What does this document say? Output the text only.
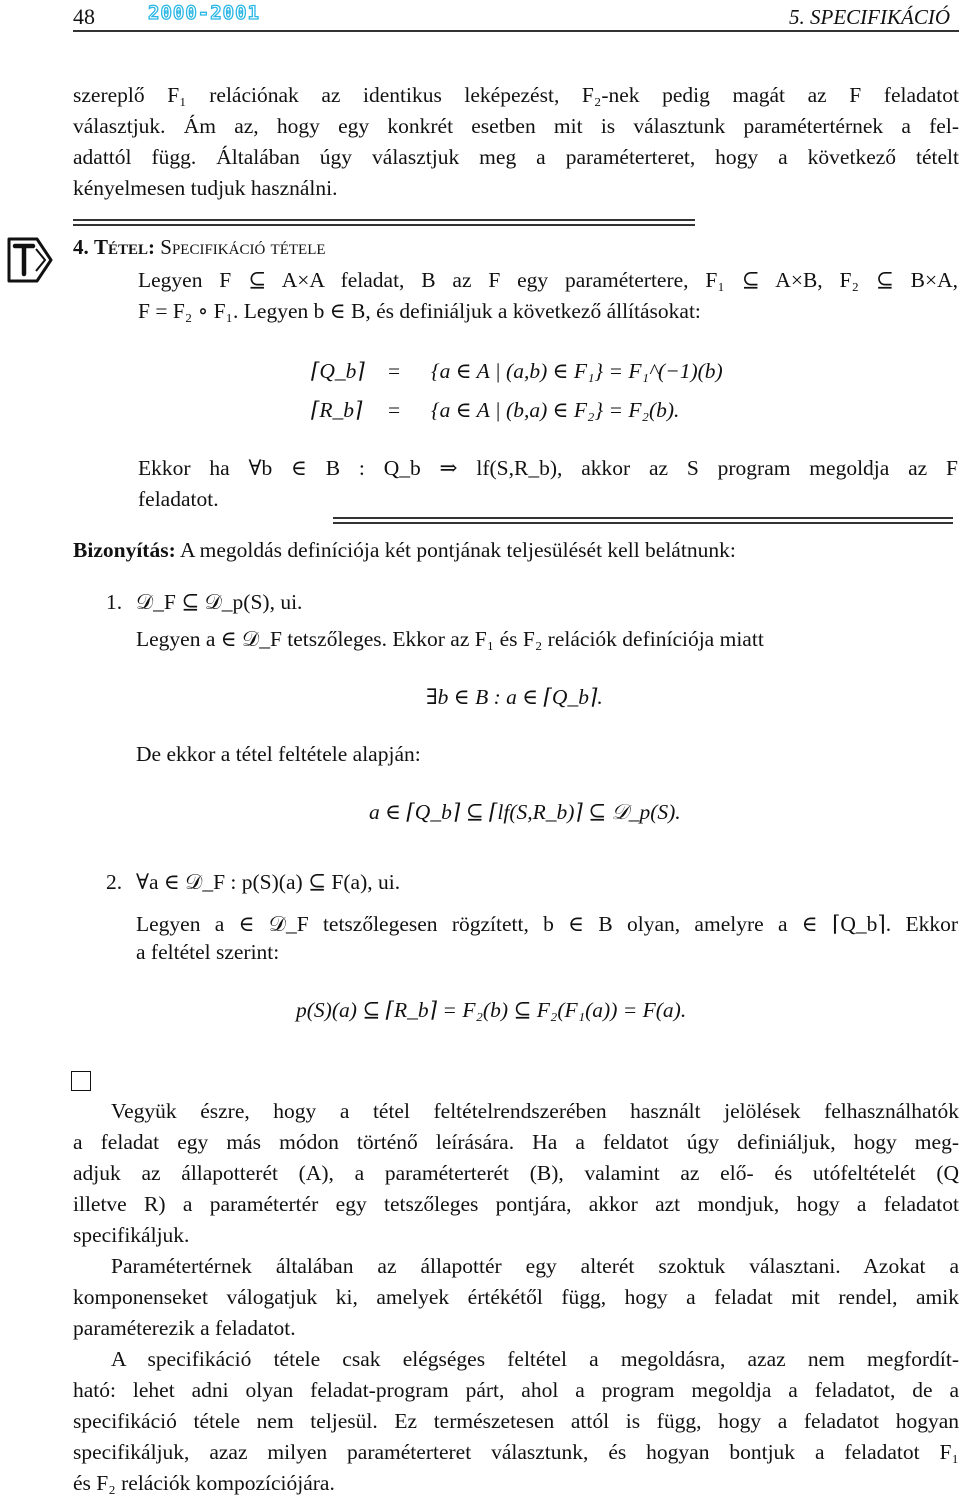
48	2000-2001	5. SPECIFIKÁCIÓ
szereplő F₁ relációnak az identikus leképezést, F₂-nek pedig magát az F feladatot
választjuk. Ám az, hogy egy konkrét esetben mit is választunk paramétertérnek a fel-
adattól függ. Általában úgy választjuk meg a paraméterteret, hogy a következő tételt
kényelmesen tudjuk használni.
4. Tétel: Specifikáció tétele
Legyen F ⊆ A×A feladat, B az F egy paramétertere, F₁ ⊆ A×B, F₂ ⊆ B×A,
F = F₂ ∘ F₁. Legyen b ∈ B, és definiáljuk a következő állításokat:
⌈Q_b⌉ = {a ∈ A | (a,b) ∈ F₁} = F₁^(−1)(b)
⌈R_b⌉ = {a ∈ A | (b,a) ∈ F₂} = F₂(b).
Ekkor ha ∀b ∈ B : Q_b ⇒ lf(S,R_b), akkor az S program megoldja az F
feladatot.
Bizonyítás: A megoldás definíciója két pontjának teljesülését kell belátnunk:
1. 𝒟_F ⊆ 𝒟_p(S), ui.
Legyen a ∈ 𝒟_F tetszőleges. Ekkor az F₁ és F₂ relációk definíciója miatt
∃b ∈ B : a ∈ ⌈Q_b⌉.
De ekkor a tétel feltétele alapján:
a ∈ ⌈Q_b⌉ ⊆ ⌈lf(S,R_b)⌉ ⊆ 𝒟_p(S).
2. ∀a ∈ 𝒟_F : p(S)(a) ⊆ F(a), ui.
Legyen a ∈ 𝒟_F tetszőlegesen rögzített, b ∈ B olyan, amelyre a ∈ ⌈Q_b⌉. Ekkor
a feltétel szerint:
p(S)(a) ⊆ ⌈R_b⌉ = F₂(b) ⊆ F₂(F₁(a)) = F(a).
Vegyük észre, hogy a tétel feltételrendszerében használt jelölések felhasználhatók
a feladat egy más módon történő leírására. Ha a feldatot úgy definiáljuk, hogy meg-
adjuk az állapotterét (A), a paraméterterét (B), valamint az elő- és utófeltételét (Q
illetve R) a paramétertér egy tetszőleges pontjára, akkor azt mondjuk, hogy a feladatot
specifikáljuk.
Paramétertérnek általában az állapottér egy alterét szoktuk választani. Azokat a
komponenseket válogatjuk ki, amelyek értékétől függ, hogy a feladat mit rendel, amik
paraméterezik a feladatot.
A specifikáció tétele csak elégséges feltétel a megoldásra, azaz nem megfordít-
ható: lehet adni olyan feladat-program párt, ahol a program megoldja a feladatot, de a
specifikáció tétele nem teljesül. Ez természetesen attól is függ, hogy a feladatot hogyan
specifikáljuk, azaz milyen paraméterteret választunk, és hogyan bontjuk a feladatot F₁
és F₂ relációk kompozíciójára.
